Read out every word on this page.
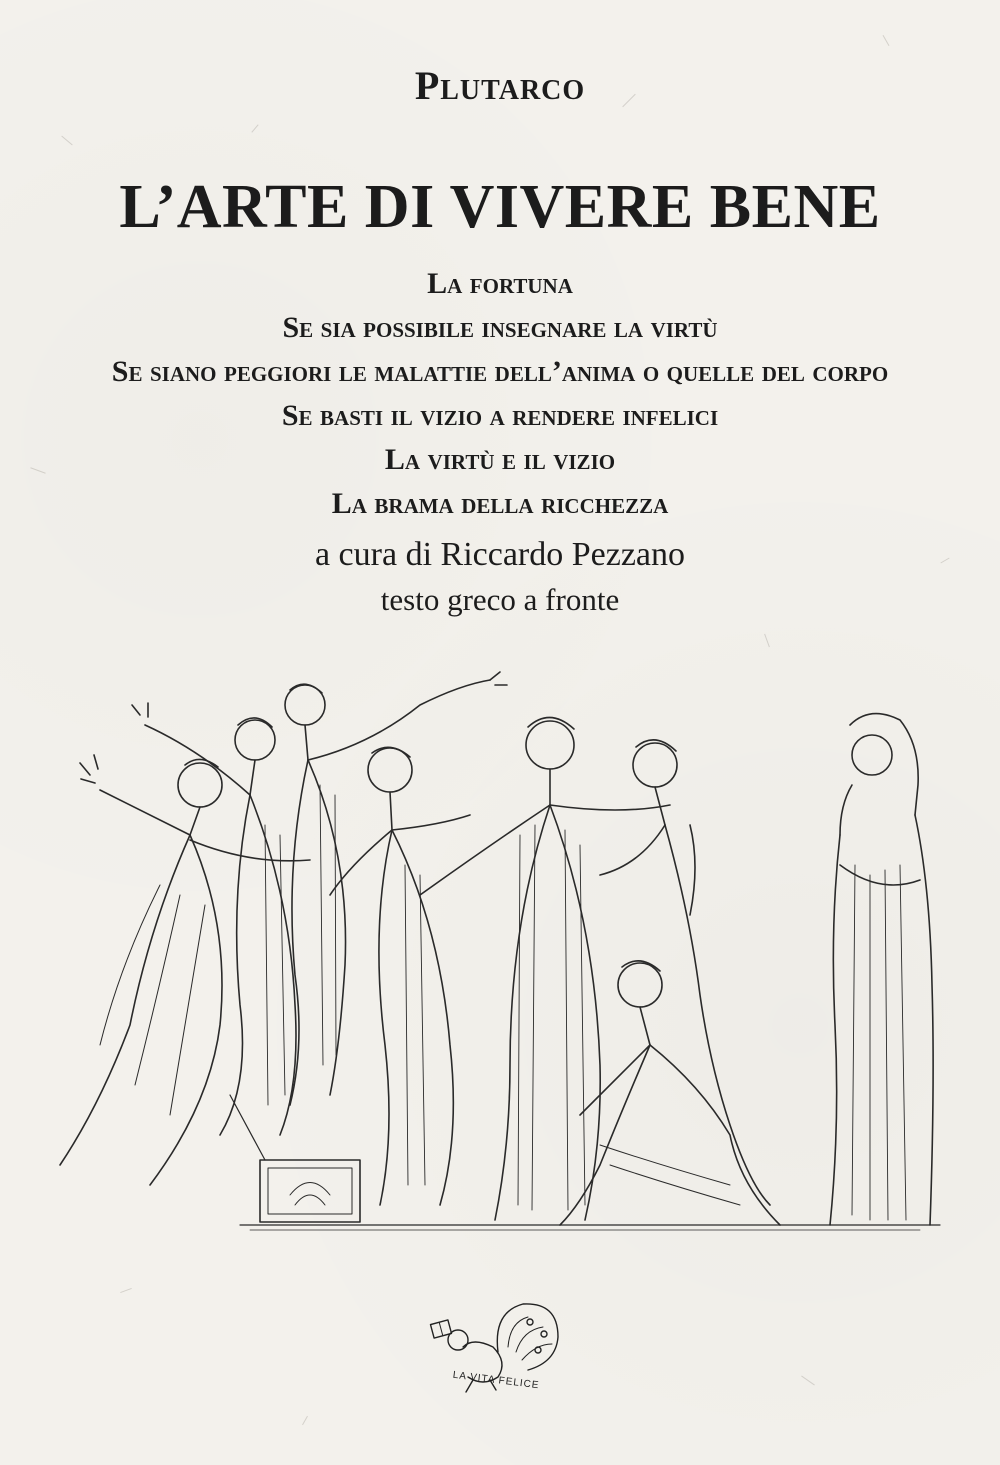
Plutarco
L’ARTE DI VIVERE BENE
La fortuna
Se sia possibile insegnare la virtù
Se siano peggiori le malattie dell’anima o quelle del corpo
Se basti il vizio a rendere infelici
La virtù e il vizio
La brama della ricchezza
a cura di Riccardo Pezzano
testo greco a fronte
LA VITA FELICE
